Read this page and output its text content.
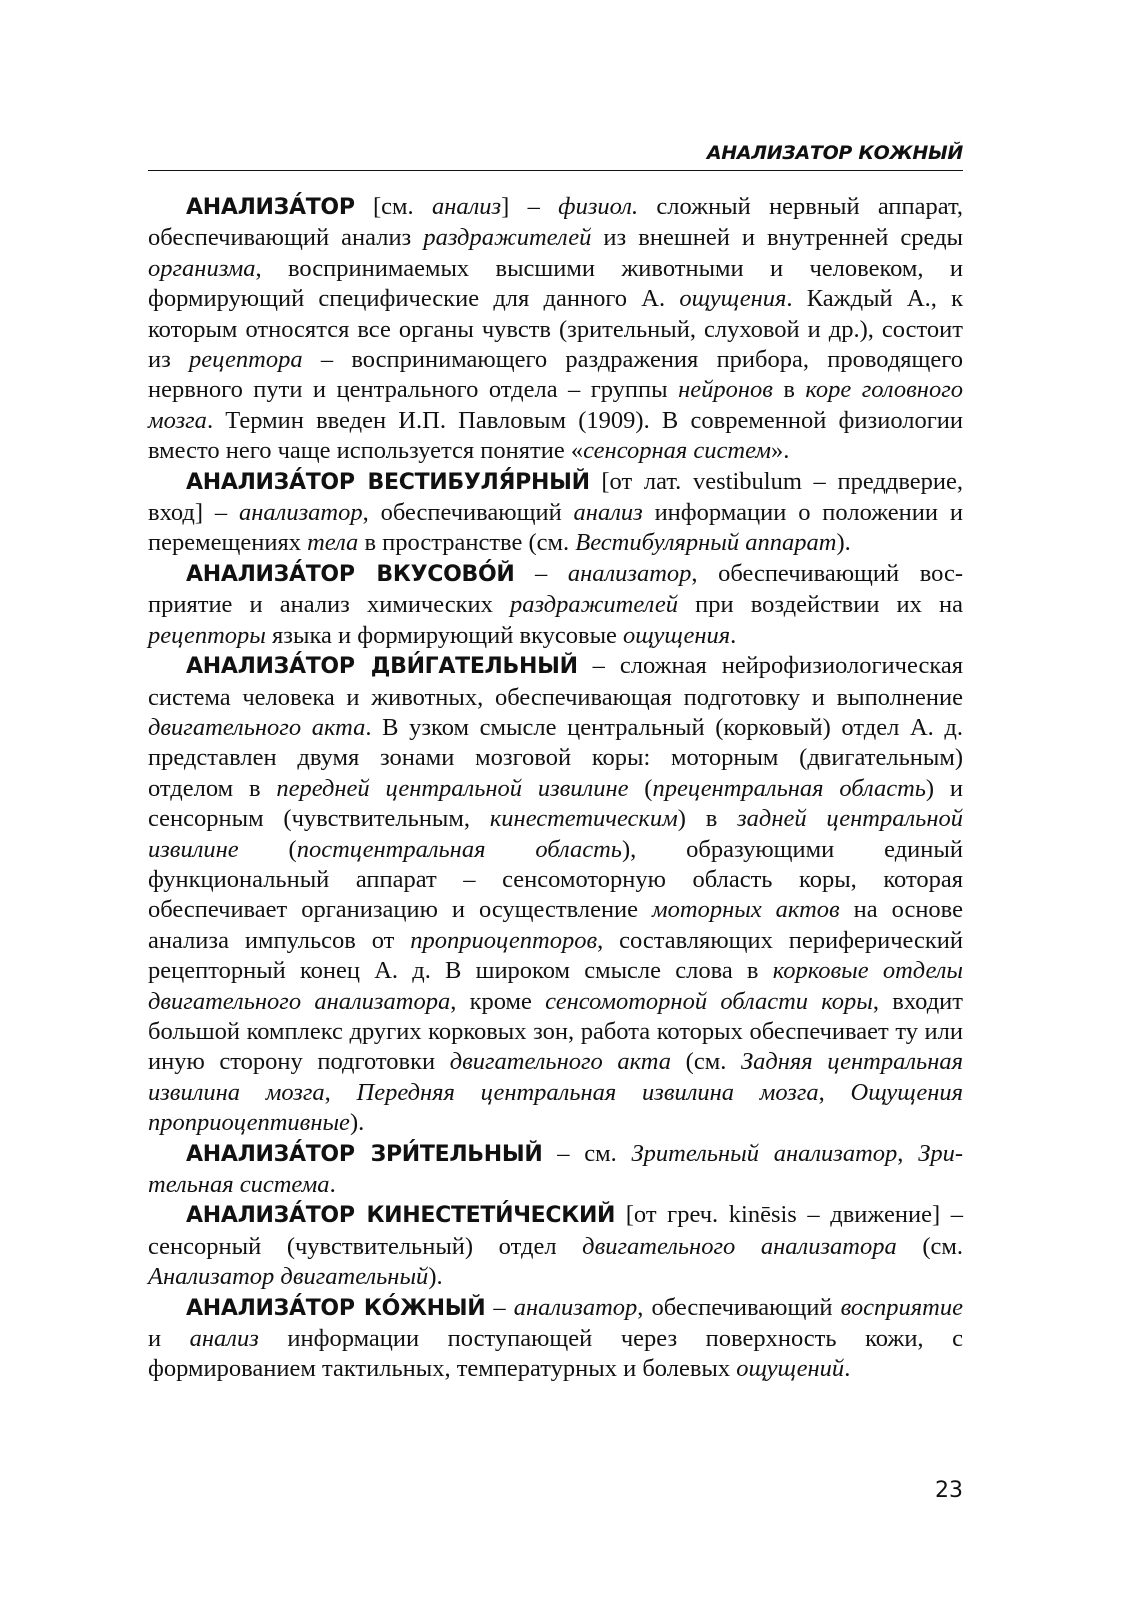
АНАЛИЗАТОР КОЖНЫЙ

АНАЛИЗА́ТОР [см. анализ] – физиол. сложный нервный аппарат, обеспечивающий анализ раздражителей из внешней и внутренней среды организма, воспринимаемых высшими животными и человеком, и формирующий специфические для данного А. ощущения. Каждый А., к которым относятся все органы чувств (зрительный, слуховой и др.), состоит из рецептора – воспринимающего раздражения прибора, проводящего нервного пути и центрального отдела – группы нейронов в коре головного мозга. Термин введен И.П. Павловым (1909). В современной физиологии вместо него чаще используется понятие «сенсорная систем».

АНАЛИЗА́ТОР ВЕСТИБУЛЯ́РНЫЙ [от лат. vestibulum – преддверие, вход] – анализатор, обеспечивающий анализ информации о положении и перемещениях тела в пространстве (см. Вестибулярный аппарат).

АНАЛИЗА́ТОР ВКУСОВО́Й – анализатор, обеспечивающий восприятие и анализ химических раздражителей при воздействии их на рецепторы языка и формирующий вкусовые ощущения.

АНАЛИЗА́ТОР ДВИ́ГАТЕЛЬНЫЙ – сложная нейрофизиологическая система человека и животных, обеспечивающая подготовку и выполнение двигательного акта. В узком смысле центральный (корковый) отдел А. д. представлен двумя зонами мозговой коры: моторным (двигательным) отделом в передней центральной извилине (прецентральная область) и сенсорным (чувствительным, кинестетическим) в задней центральной извилине (постцентральная область), образующими единый функциональный аппарат – сенсомоторную область коры, которая обеспечивает организацию и осуществление моторных актов на основе анализа импульсов от проприоцепторов, составляющих периферический рецепторный конец А. д. В широком смысле слова в корковые отделы двигательного анализатора, кроме сенсомоторной области коры, входит большой комплекс других корковых зон, работа которых обеспечивает ту или иную сторону подготовки двигательного акта (см. Задняя центральная извилина мозга, Передняя центральная извилина мозга, Ощущения проприоцептивные).

АНАЛИЗА́ТОР ЗРИ́ТЕЛЬНЫЙ – см. Зрительный анализатор, Зрительная система.

АНАЛИЗА́ТОР КИНЕСТЕТИ́ЧЕСКИЙ [от греч. kinēsis – движение] – сенсорный (чувствительный) отдел двигательного анализатора (см. Анализатор двигательный).

АНАЛИЗА́ТОР КО́ЖНЫЙ – анализатор, обеспечивающий восприятие и анализ информации поступающей через поверхность кожи, с формированием тактильных, температурных и болевых ощущений.

23
